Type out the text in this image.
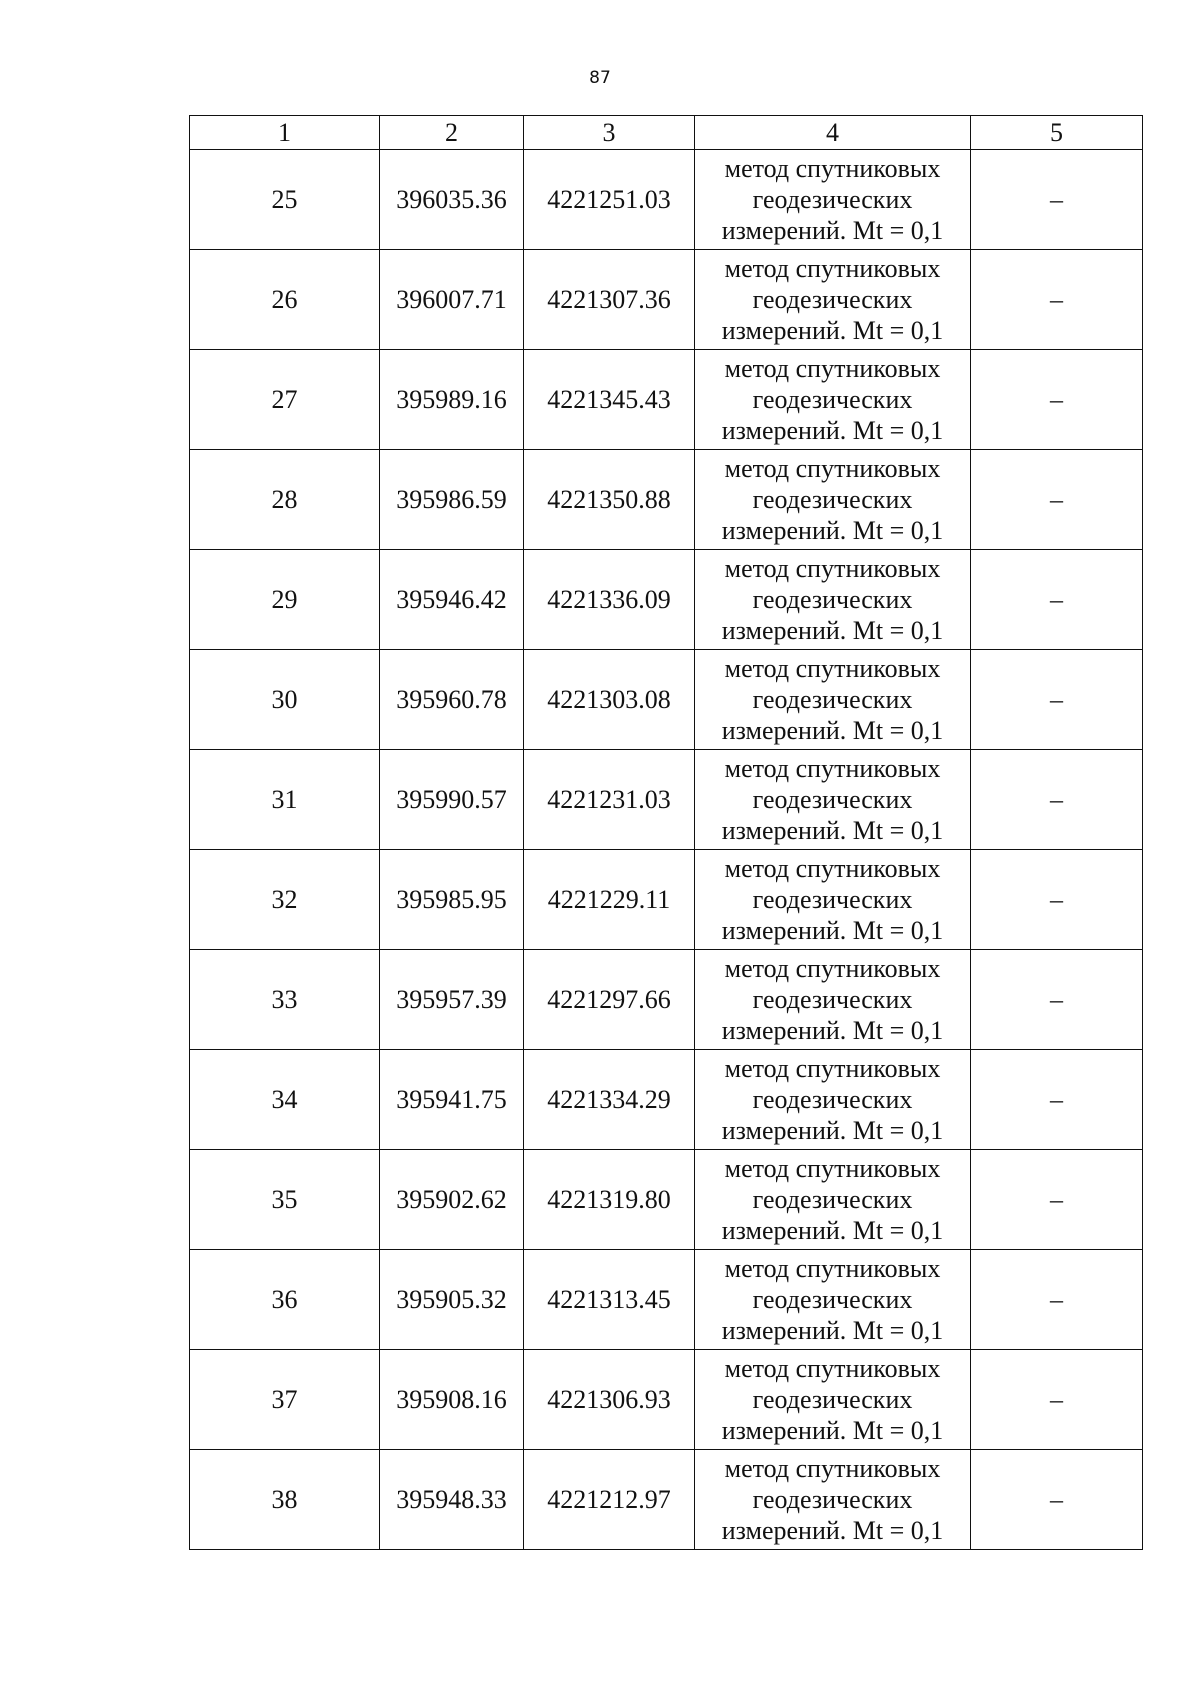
87
1	2	3	4	5
25	396035.36	4221251.03	метод спутниковых геодезических измерений. Mt = 0,1	–
26	396007.71	4221307.36	метод спутниковых геодезических измерений. Mt = 0,1	–
27	395989.16	4221345.43	метод спутниковых геодезических измерений. Mt = 0,1	–
28	395986.59	4221350.88	метод спутниковых геодезических измерений. Mt = 0,1	–
29	395946.42	4221336.09	метод спутниковых геодезических измерений. Mt = 0,1	–
30	395960.78	4221303.08	метод спутниковых геодезических измерений. Mt = 0,1	–
31	395990.57	4221231.03	метод спутниковых геодезических измерений. Mt = 0,1	–
32	395985.95	4221229.11	метод спутниковых геодезических измерений. Mt = 0,1	–
33	395957.39	4221297.66	метод спутниковых геодезических измерений. Mt = 0,1	–
34	395941.75	4221334.29	метод спутниковых геодезических измерений. Mt = 0,1	–
35	395902.62	4221319.80	метод спутниковых геодезических измерений. Mt = 0,1	–
36	395905.32	4221313.45	метод спутниковых геодезических измерений. Mt = 0,1	–
37	395908.16	4221306.93	метод спутниковых геодезических измерений. Mt = 0,1	–
38	395948.33	4221212.97	метод спутниковых геодезических измерений. Mt = 0,1	–
